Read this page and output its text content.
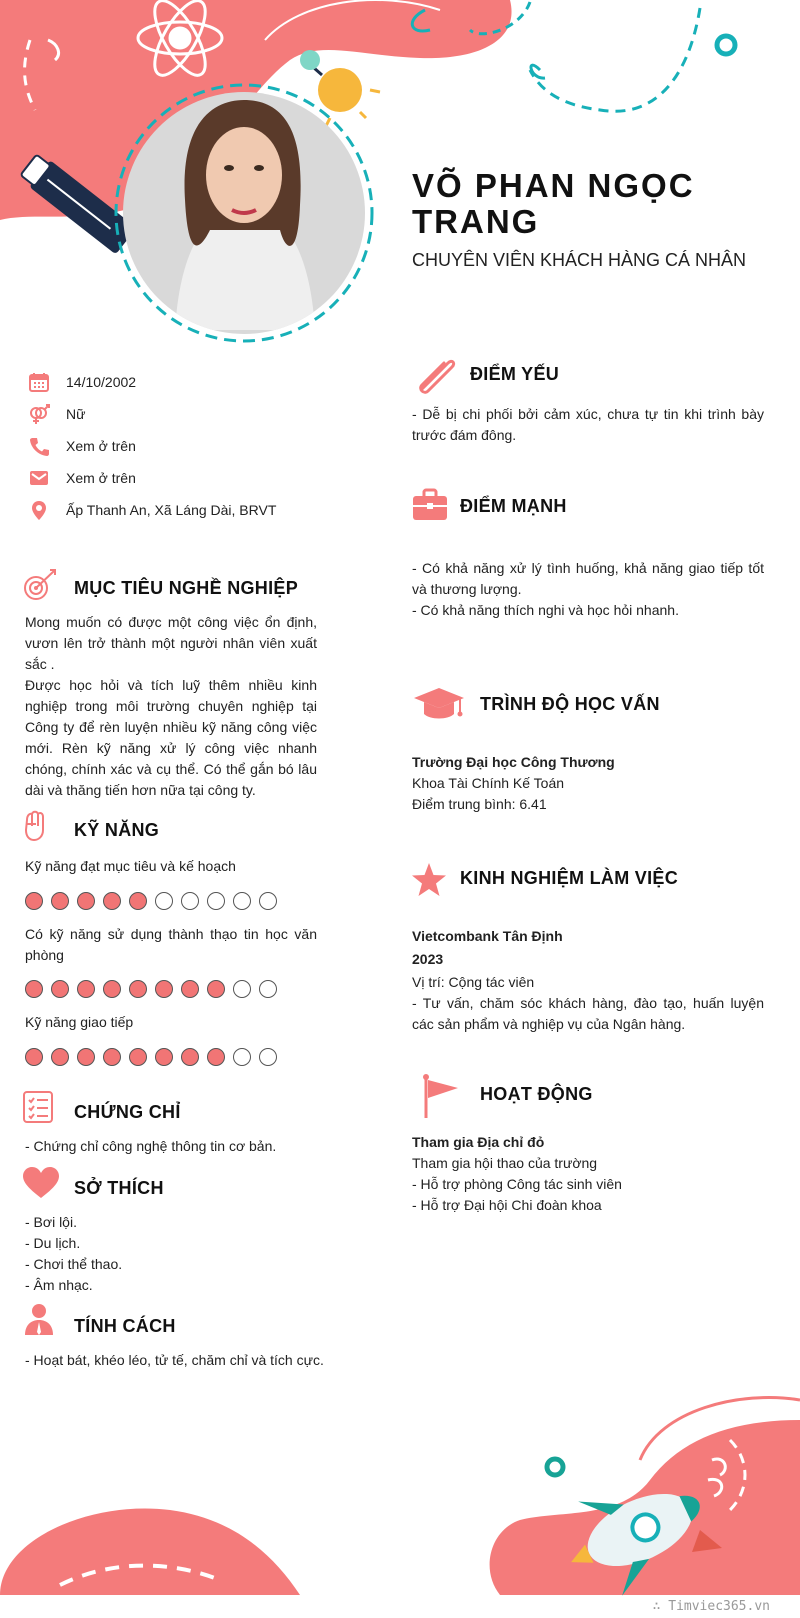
VÕ PHAN NGỌC TRANG
CHUYÊN VIÊN KHÁCH HÀNG CÁ NHÂN
14/10/2002
Nữ
Xem ở trên
Xem ở trên
Ấp Thanh An, Xã Láng Dài, BRVT
MỤC TIÊU NGHỀ NGHIỆP

Mong muốn có được một công việc ổn định, vươn lên trở thành một người nhân viên xuất sắc .

Được học hỏi và tích luỹ thêm nhiều kinh nghiệp trong môi trường chuyên nghiệp tại Công ty để rèn luyện nhiều kỹ năng công việc mới. Rèn kỹ năng xử lý công việc nhanh chóng, chính xác và cụ thể. Có thể gắn bó lâu dài và thăng tiến hơn nữa tại công ty.

KỸ NĂNG
Kỹ năng đạt mục tiêu và kế hoạch
Có kỹ năng sử dụng thành thạo tin học văn phòng
Kỹ năng giao tiếp
CHỨNG CHỈ
- Chứng chỉ công nghệ thông tin cơ bản.
SỞ THÍCH

- Bơi lội.

- Du lịch.

- Chơi thể thao.

- Âm nhạc.

TÍNH CÁCH
- Hoạt bát, khéo léo, tử tế, chăm chỉ và tích cực.
ĐIỂM YẾU
- Dễ bị chi phối bởi cảm xúc, chưa tự tin khi trình bày trước đám đông.
ĐIỂM MẠNH

- Có khả năng xử lý tình huống, khả năng giao tiếp tốt và thương lượng.

- Có khả năng thích nghi và học hỏi nhanh.

TRÌNH ĐỘ HỌC VẤN

Trường Đại học Công Thương

Khoa Tài Chính Kế Toán

Điểm trung bình: 6.41

KINH NGHIỆM LÀM VIỆC

Vietcombank Tân Định

2023

Vị trí: Cộng tác viên

- Tư vấn, chăm sóc khách hàng, đào tạo, huấn luyện các sản phẩm và nghiệp vụ của Ngân hàng.

HOẠT ĐỘNG

Tham gia Địa chỉ đỏ

Tham gia hội thao của trường

- Hỗ trợ phòng Công tác sinh viên

- Hỗ trợ Đại hội Chi đoàn khoa

∴ Timviec365.vn
